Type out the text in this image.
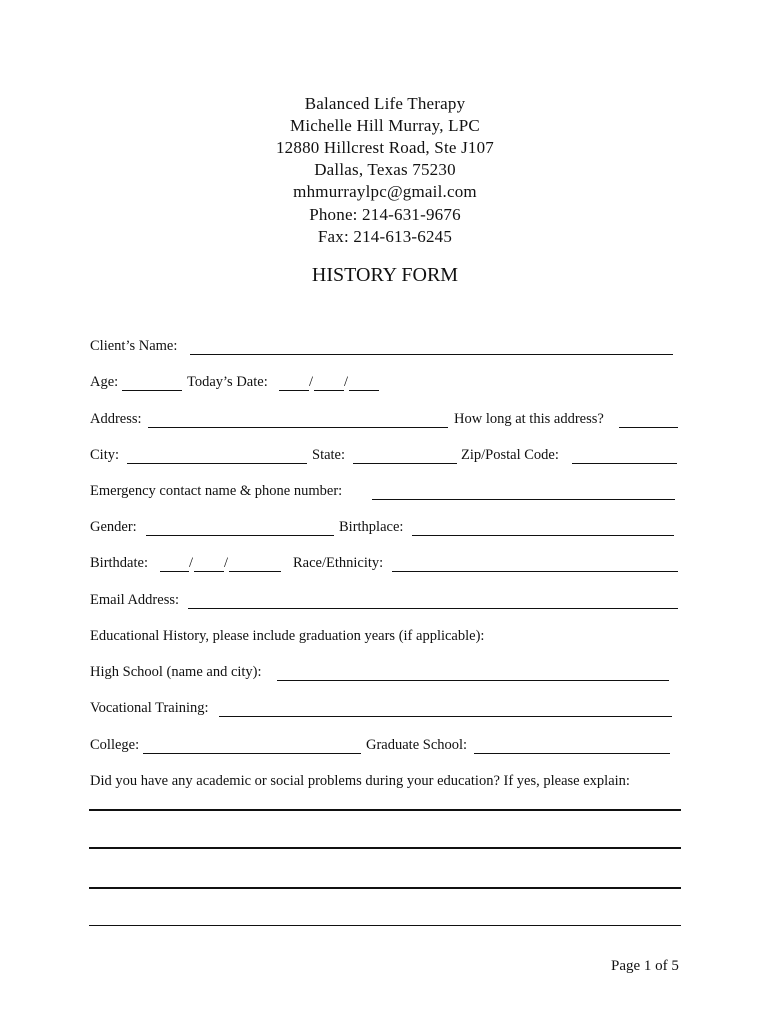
Balanced Life Therapy
Michelle Hill Murray, LPC
12880 Hillcrest Road, Ste J107
Dallas, Texas 75230
mhmurraylpc@gmail.com
Phone: 214-631-9676
Fax: 214-613-6245
HISTORY FORM
Client’s Name:
Age:	Today’s Date:	/ /
Address:	How long at this address?
City:	State:	Zip/Postal Code:
Emergency contact name & phone number:
Gender:	Birthplace:
Birthdate:	/ /	Race/Ethnicity:
Email Address:
Educational History, please include graduation years (if applicable):
High School (name and city):
Vocational Training:
College:	Graduate School:
Did you have any academic or social problems during your education? If yes, please explain:
Page 1 of 5
